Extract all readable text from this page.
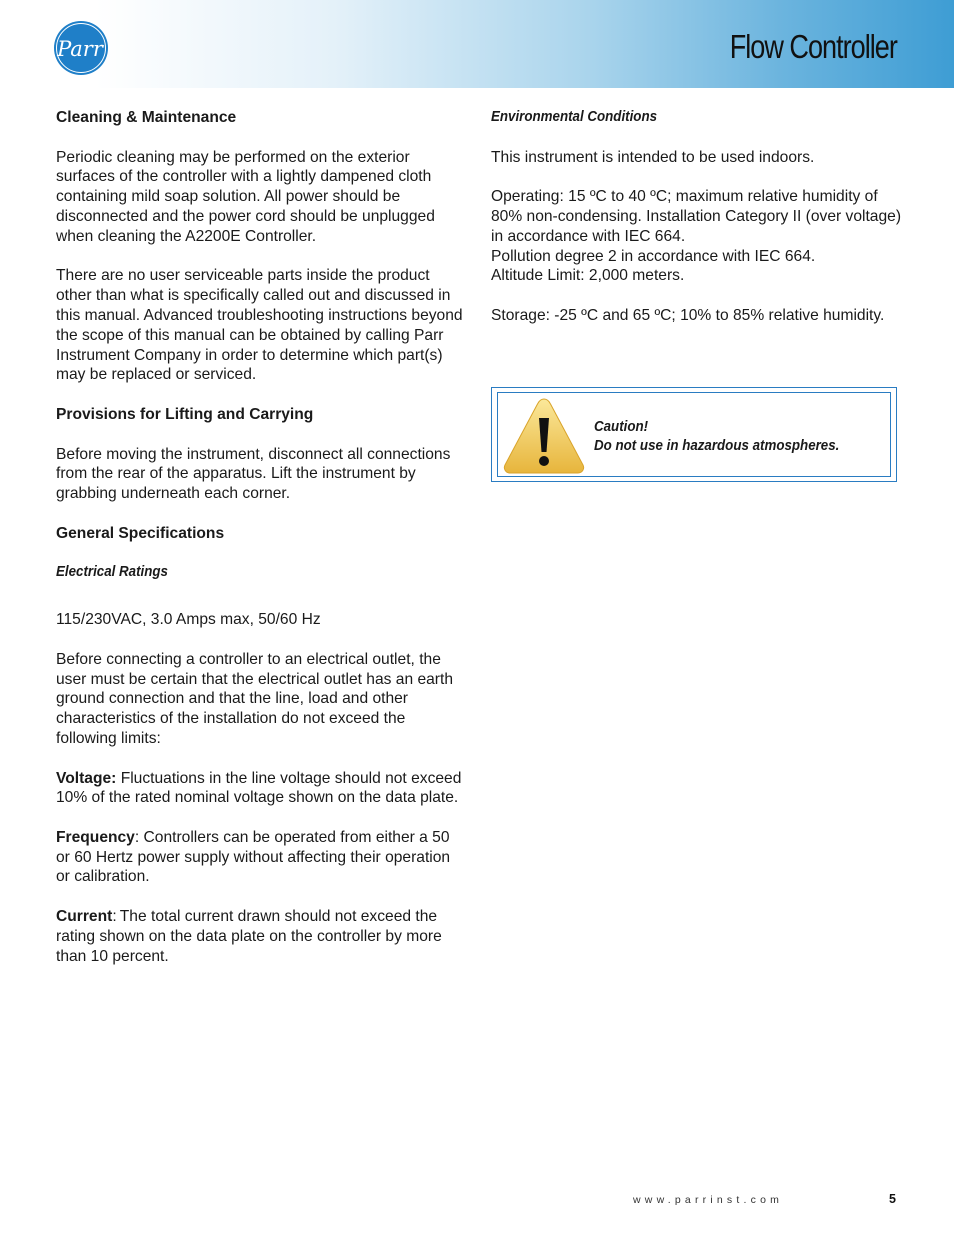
Parr	Flow Controller
Cleaning & Maintenance

Periodic cleaning may be performed on the exterior surfaces of the controller with a lightly dampened cloth containing mild soap solution. All power should be disconnected and the power cord should be unplugged when cleaning the A2200E Controller.

There are no user serviceable parts inside the product other than what is specifically called out and discussed in this manual. Advanced troubleshooting instructions beyond the scope of this manual can be obtained by calling Parr Instrument Company in order to determine which part(s) may be replaced or serviced.

Provisions for Lifting and Carrying

Before moving the instrument, disconnect all connections from the rear of the apparatus. Lift the instrument by grabbing underneath each corner.

General Specifications
Electrical Ratings

115/230VAC, 3.0 Amps max, 50/60 Hz

Before connecting a controller to an electrical outlet, the user must be certain that the electrical outlet has an earth ground connection and that the line, load and other characteristics of the installation do not exceed the following limits:

Voltage: Fluctuations in the line voltage should not exceed 10% of the rated nominal voltage shown on the data plate.

Frequency: Controllers can be operated from either a 50 or 60 Hertz power supply without affecting their operation or calibration.

Current: The total current drawn should not exceed the rating shown on the data plate on the controller by more than 10 percent.

Environmental Conditions

This instrument is intended to be used indoors.

Operating: 15 ºC to 40 ºC; maximum relative humidity of 80% non-condensing. Installation Category II (over voltage) in accordance with IEC 664.

Pollution degree 2 in accordance with IEC 664.

Altitude Limit: 2,000 meters.

Storage: -25 ºC and 65 ºC; 10% to 85% relative humidity.

Caution!
Do not use in hazardous atmospheres.
www.parrinst.com	5
